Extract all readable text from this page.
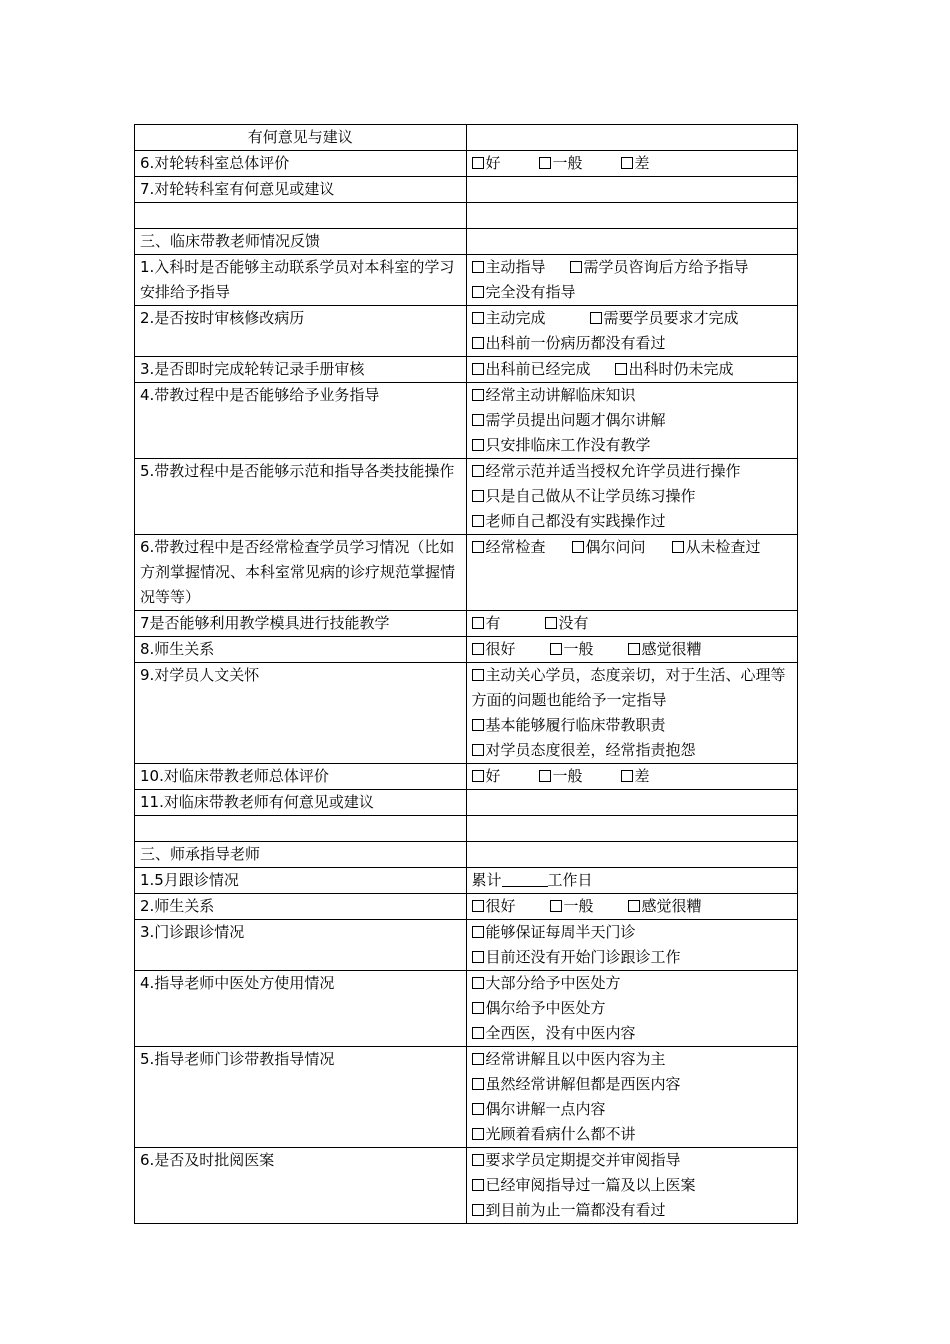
有何意见与建议	
6.对轮转科室总体评价	好 一般 差

7.对轮转科室有何意见或建议	

三、临床带教老师情况反馈	
1.入科时是否能够主动联系学员对本科室的学习安排给予指导	主动指导 需学员咨询后方给予指导
完全没有指导

2.是否按时审核修改病历	主动完成 需要学员要求才完成
出科前一份病历都没有看过

3.是否即时完成轮转记录手册审核	出科前已经完成 出科时仍未完成

4.带教过程中是否能够给予业务指导	经常主动讲解临床知识
需学员提出问题才偶尔讲解
只安排临床工作没有教学

5.带教过程中是否能够示范和指导各类技能操作	经常示范并适当授权允许学员进行操作
只是自己做从不让学员练习操作
老师自己都没有实践操作过

6.带教过程中是否经常检查学员学习情况（比如方剂掌握情况、本科室常见病的诊疗规范掌握情况等等）	经常检查 偶尔问问 从未检查过

7是否能够利用教学模具进行技能教学	有 没有

8.师生关系	很好 一般 感觉很糟

9.对学员人文关怀	主动关心学员，态度亲切，对于生活、心理等方面的问题也能给予一定指导
基本能够履行临床带教职责
对学员态度很差，经常指责抱怨

10.对临床带教老师总体评价	好 一般 差

11.对临床带教老师有何意见或建议	

三、师承指导老师	
1.5月跟诊情况	累计 工作日

2.师生关系	很好 一般 感觉很糟

3.门诊跟诊情况	能够保证每周半天门诊
目前还没有开始门诊跟诊工作

4.指导老师中医处方使用情况	大部分给予中医处方
偶尔给予中医处方
全西医，没有中医内容

5.指导老师门诊带教指导情况	经常讲解且以中医内容为主
虽然经常讲解但都是西医内容
偶尔讲解一点内容
光顾着看病什么都不讲

6.是否及时批阅医案	要求学员定期提交并审阅指导
已经审阅指导过一篇及以上医案
到目前为止一篇都没有看过
